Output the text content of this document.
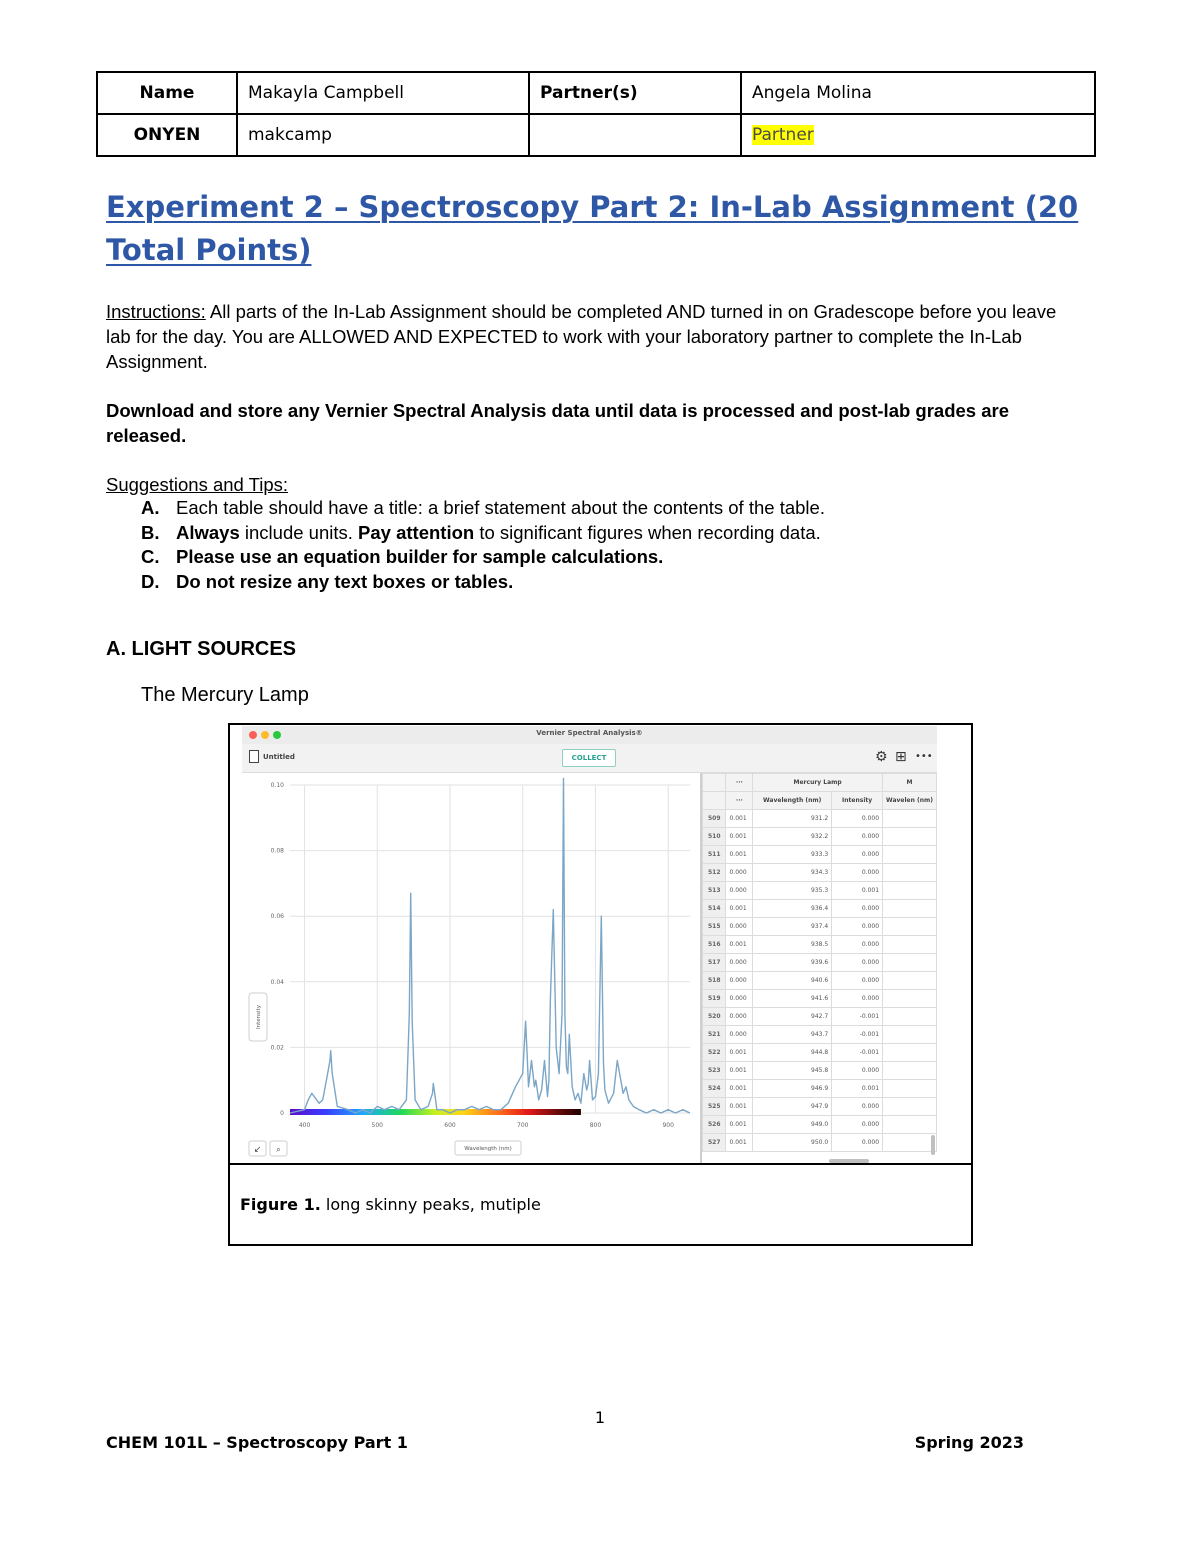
Name	Makayla Campbell	Partner(s)	Angela Molina
ONYEN	makcamp		Partner
Experiment 2 – Spectroscopy Part 2: In-Lab Assignment (20 Total Points)
Instructions: All parts of the In-Lab Assignment should be completed AND turned in on Gradescope before you leave lab for the day. You are ALLOWED AND EXPECTED to work with your laboratory partner to complete the In-Lab Assignment.
Download and store any Vernier Spectral Analysis data until data is processed and post-lab grades are released.
Suggestions and Tips:
A. Each table should have a title: a brief statement about the contents of the table.
B. Always include units. Pay attention to significant figures when recording data.
C. Please use an equation builder for sample calculations.
D. Do not resize any text boxes or tables.
A. LIGHT SOURCES
The Mercury Lamp
Vernier Spectral Analysis®
Untitled	COLLECT	⚙ ⊞ •••
0
0.02
0.04
0.06
0.08
0.10
400	500	600	700	800	900
Intensity
Wavelength (nm)
↙ ⌕
	···	Mercury Lamp		M
	···	Wavelength (nm)	Intensity	Wavelen (nm)
509	0.001	931.2	0.000	
510	0.001	932.2	0.000	
511	0.001	933.3	0.000	
512	0.000	934.3	0.000	
513	0.000	935.3	0.001	
514	0.001	936.4	0.000	
515	0.000	937.4	0.000	
516	0.001	938.5	0.000	
517	0.000	939.6	0.000	
518	0.000	940.6	0.000	
519	0.000	941.6	0.000	
520	0.000	942.7	-0.001	
521	0.000	943.7	-0.001	
522	0.001	944.8	-0.001	
523	0.001	945.8	0.000	
524	0.001	946.9	0.001	
525	0.001	947.9	0.000	
526	0.001	949.0	0.000	
527	0.001	950.0	0.000	
Figure 1. long skinny peaks, mutiple
1
CHEM 101L – Spectroscopy Part 1	Spring 2023
